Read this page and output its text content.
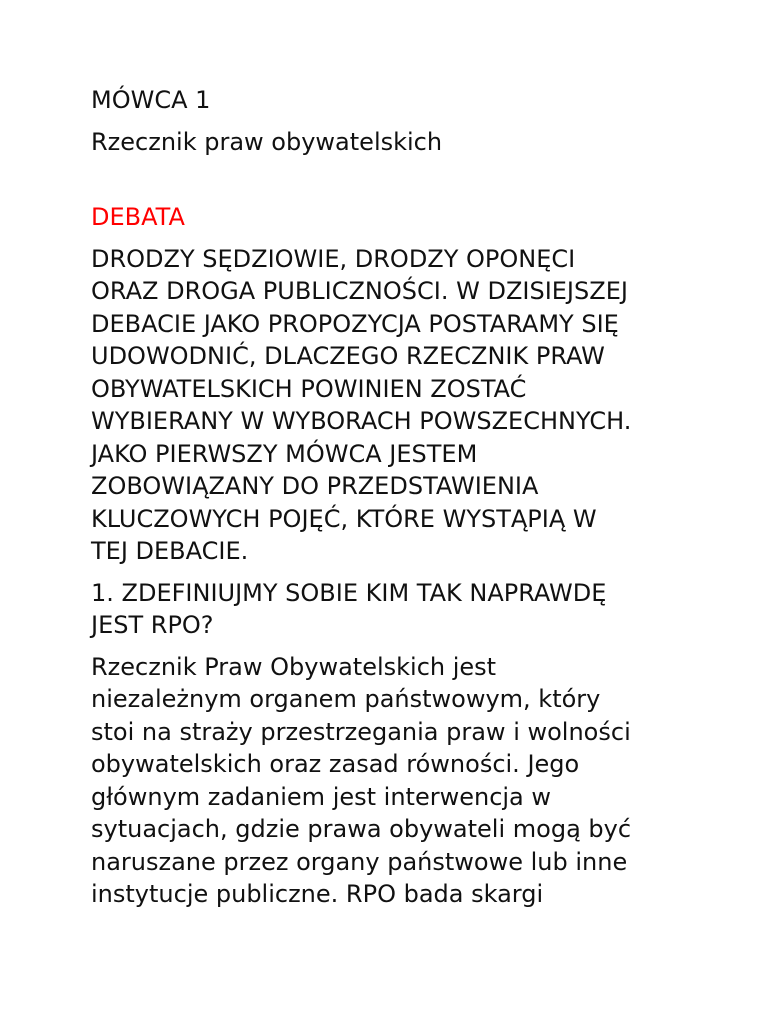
MÓWCA 1

Rzecznik praw obywatelskich

DEBATA

DRODZY SĘDZIOWIE, DRODZY OPONĘCI
ORAZ DROGA PUBLICZNOŚCI. W DZISIEJSZEJ
DEBACIE JAKO PROPOZYCJA POSTARAMY SIĘ
UDOWODNIĆ, DLACZEGO RZECZNIK PRAW
OBYWATELSKICH POWINIEN ZOSTAĆ
WYBIERANY W WYBORACH POWSZECHNYCH.
JAKO PIERWSZY MÓWCA JESTEM
ZOBOWIĄZANY DO PRZEDSTAWIENIA
KLUCZOWYCH POJĘĆ, KTÓRE WYSTĄPIĄ W
TEJ DEBACIE.

1. ZDEFINIUJMY SOBIE KIM TAK NAPRAWDĘ
JEST RPO?

Rzecznik Praw Obywatelskich jest
niezależnym organem państwowym, który
stoi na straży przestrzegania praw i wolności
obywatelskich oraz zasad równości. Jego
głównym zadaniem jest interwencja w
sytuacjach, gdzie prawa obywateli mogą być
naruszane przez organy państwowe lub inne
instytucje publiczne. RPO bada skargi
